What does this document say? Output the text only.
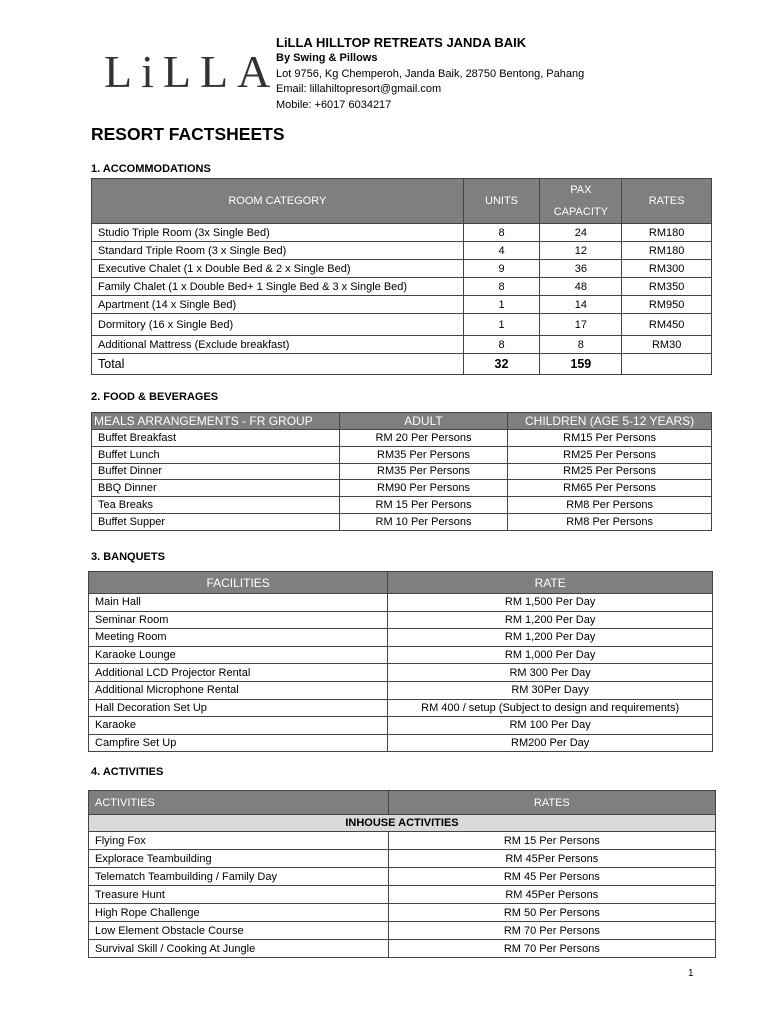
LiLLA
LiLLA HILLTOP RETREATS JANDA BAIK
By Swing & Pillows
Lot 9756, Kg Chemperoh, Janda Baik, 28750 Bentong, Pahang
Email: lillahiltopresort@gmail.com
Mobile: +6017 6034217
RESORT FACTSHEETS
1. ACCOMMODATIONS
ROOM CATEGORY	UNITS	PAX CAPACITY	RATES
Studio Triple Room (3x Single Bed)	8	24	RM180
Standard Triple Room (3 x Single Bed)	4	12	RM180
Executive Chalet (1 x Double Bed & 2 x Single Bed)	9	36	RM300
Family Chalet (1 x Double Bed+ 1 Single Bed & 3 x Single Bed)	8	48	RM350
Apartment (14 x Single Bed)	1	14	RM950
Dormitory (16 x Single Bed)	1	17	RM450
Additional Mattress (Exclude breakfast)	8	8	RM30
Total	32	159	
2. FOOD & BEVERAGES
MEALS ARRANGEMENTS - FR GROUP	ADULT	CHILDREN (AGE 5-12 YEARS)
Buffet Breakfast	RM 20 Per Persons	RM15 Per Persons
Buffet Lunch	RM35 Per Persons	RM25 Per Persons
Buffet Dinner	RM35 Per Persons	RM25 Per Persons
BBQ Dinner	RM90 Per Persons	RM65 Per Persons
Tea Breaks	RM 15 Per Persons	RM8 Per Persons
Buffet Supper	RM 10 Per Persons	RM8 Per Persons
3. BANQUETS
FACILITIES	RATE
Main Hall	RM 1,500 Per Day
Seminar Room	RM 1,200 Per Day
Meeting Room	RM 1,200 Per Day
Karaoke Lounge	RM 1,000 Per Day
Additional LCD Projector Rental	RM 300 Per Day
Additional Microphone Rental	RM 30Per Dayy
Hall Decoration Set Up	RM 400 / setup (Subject to design and requirements)
Karaoke	RM 100 Per Day
Campfire Set Up	RM200 Per Day
4. ACTIVITIES
ACTIVITIES	RATES
INHOUSE ACTIVITIES	
Flying Fox	RM 15 Per Persons
Explorace Teambuilding	RM 45Per Persons
Telematch Teambuilding / Family Day	RM 45 Per Persons
Treasure Hunt	RM 45Per Persons
High Rope Challenge	RM 50 Per Persons
Low Element Obstacle Course	RM 70 Per Persons
Survival Skill / Cooking At Jungle	RM 70 Per Persons
1
